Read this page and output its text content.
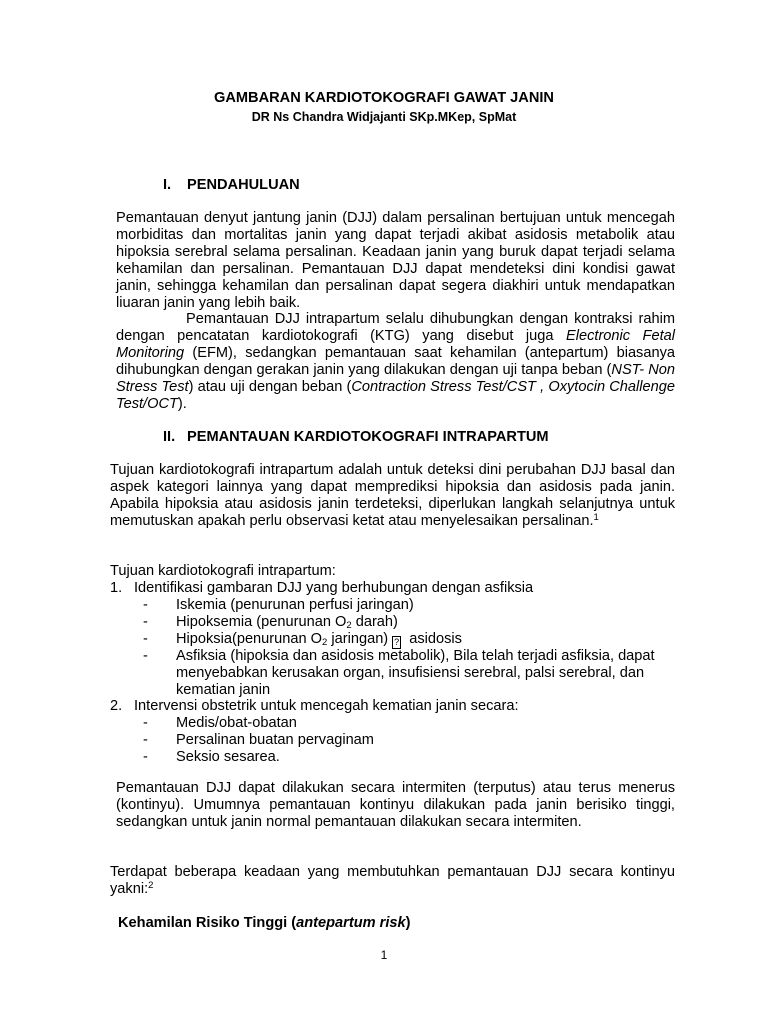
GAMBARAN KARDIOTOKOGRAFI GAWAT JANIN

DR Ns Chandra Widjajanti SKp.MKep, SpMat

I. PENDAHULUAN

Pemantauan denyut jantung janin (DJJ) dalam persalinan bertujuan untuk mencegah morbiditas dan mortalitas janin yang dapat terjadi akibat asidosis metabolik atau hipoksia serebral selama persalinan. Keadaan janin yang buruk dapat terjadi selama kehamilan dan persalinan. Pemantauan DJJ dapat mendeteksi dini kondisi gawat janin, sehingga kehamilan dan persalinan dapat segera diakhiri untuk mendapatkan liuaran janin yang lebih baik.

Pemantauan DJJ intrapartum selalu dihubungkan dengan kontraksi rahim dengan pencatatan kardiotokografi (KTG) yang disebut juga Electronic Fetal Monitoring (EFM), sedangkan pemantauan saat kehamilan (antepartum) biasanya dihubungkan dengan gerakan janin yang dilakukan dengan uji tanpa beban (NST- Non Stress Test) atau uji dengan beban (Contraction Stress Test/CST , Oxytocin Challenge Test/OCT).

II. PEMANTAUAN KARDIOTOKOGRAFI INTRAPARTUM

Tujuan kardiotokografi intrapartum adalah untuk deteksi dini perubahan DJJ basal dan aspek kategori lainnya yang dapat memprediksi hipoksia dan asidosis pada janin. Apabila hipoksia atau asidosis janin terdeteksi, diperlukan langkah selanjutnya untuk memutuskan apakah perlu observasi ketat atau menyelesaikan persalinan.$^1$

Tujuan kardiotokografi intrapartum:
1. Identifikasi gambaran DJJ yang berhubungan dengan asfiksia
- Iskemia (penurunan perfusi jaringan)
- Hipoksemia (penurunan $O_2$ darah)
- Hipoksia(penurunan $O_2$ jaringan) ? asidosis
- Asfiksia (hipoksia dan asidosis metabolik), Bila telah terjadi asfiksia, dapat
menyebabkan kerusakan organ, insufisiensi serebral, palsi serebral, dan
kematian janin
2. Intervensi obstetrik untuk mencegah kematian janin secara:
- Medis/obat-obatan
- Persalinan buatan pervaginam
- Seksio sesarea.

Pemantauan DJJ dapat dilakukan secara intermiten (terputus) atau terus menerus (kontinyu). Umumnya pemantauan kontinyu dilakukan pada janin berisiko tinggi, sedangkan untuk janin normal pemantauan dilakukan secara intermiten.

Terdapat beberapa keadaan yang membutuhkan pemantauan DJJ secara kontinyu yakni:$^2$

Kehamilan Risiko Tinggi (antepartum risk)

1
